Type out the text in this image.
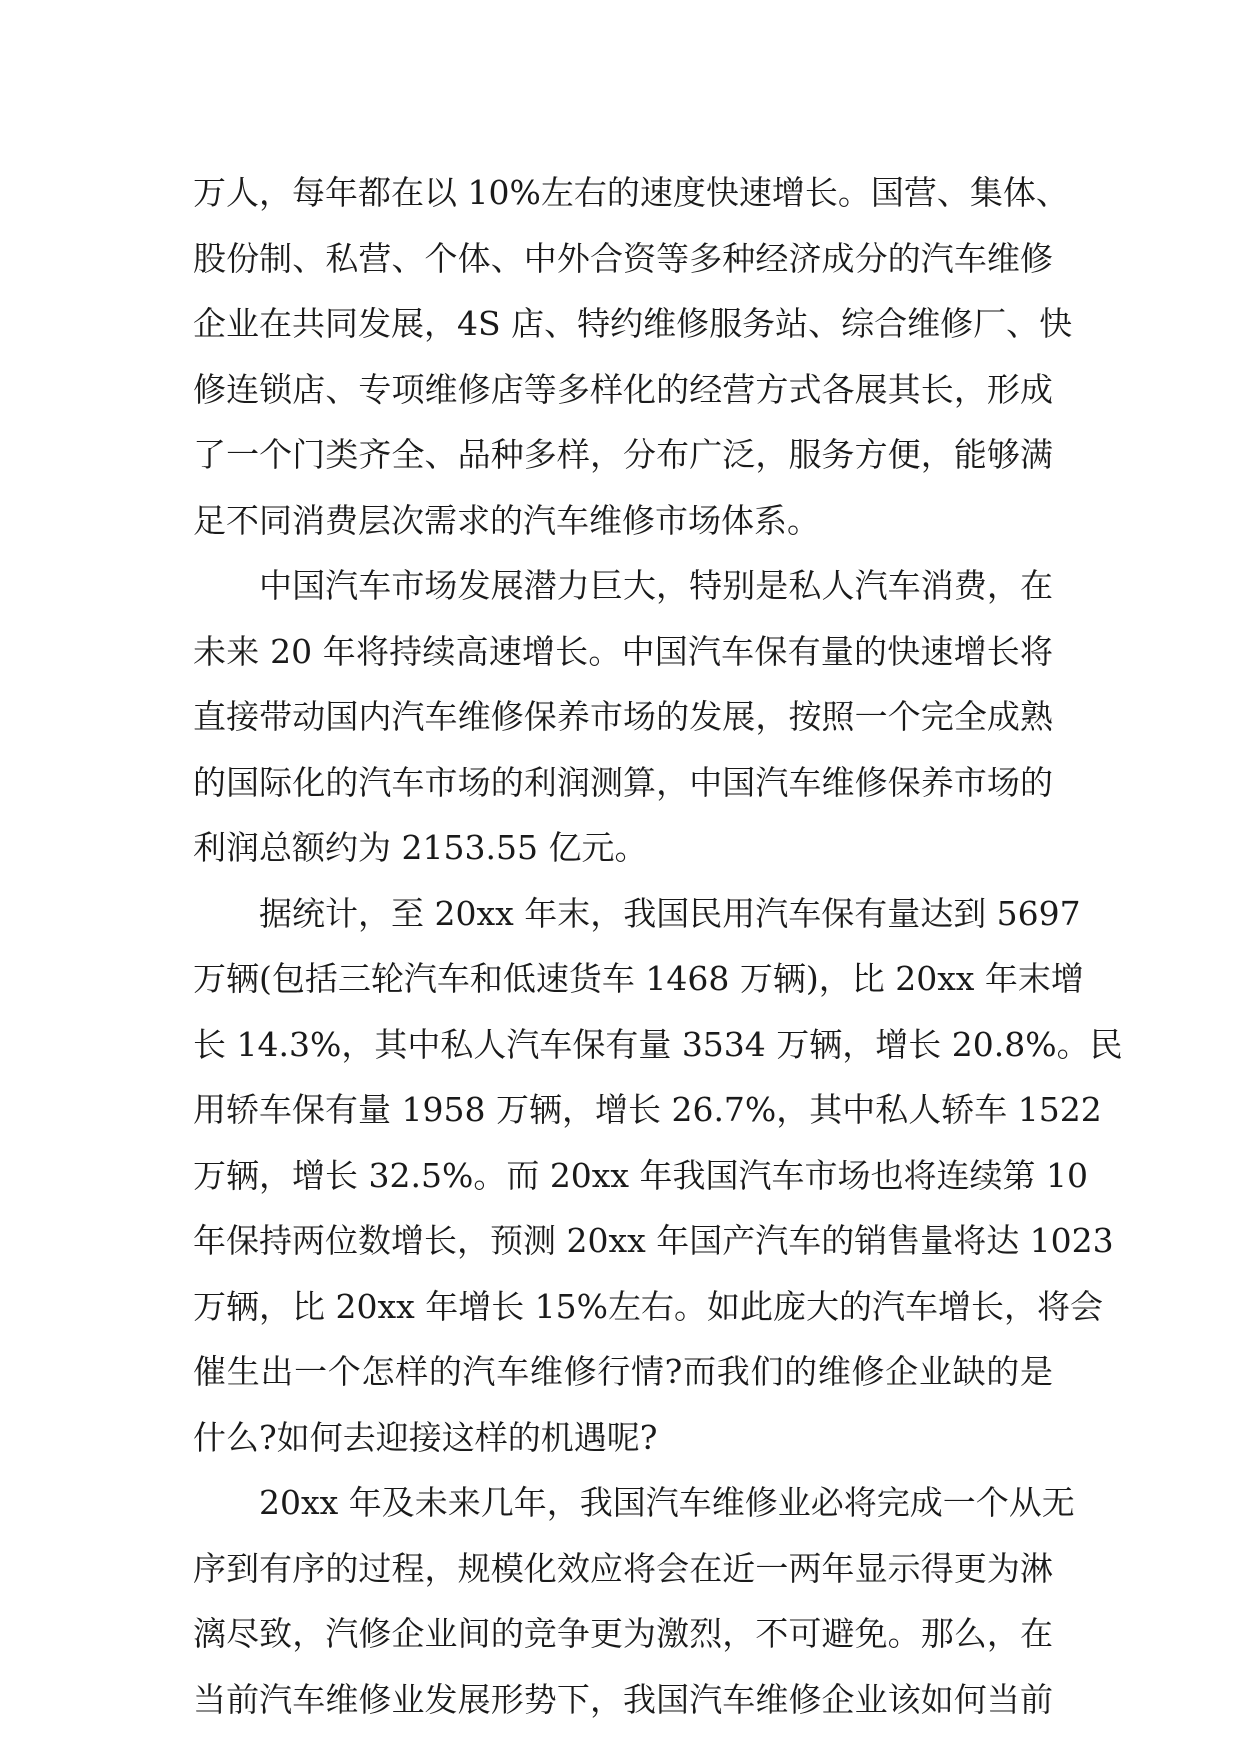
万人，每年都在以 10%左右的速度快速增长。国营、集体、
股份制、私营、个体、中外合资等多种经济成分的汽车维修
企业在共同发展，4S 店、特约维修服务站、综合维修厂、快
修连锁店、专项维修店等多样化的经营方式各展其长，形成
了一个门类齐全、品种多样，分布广泛，服务方便，能够满
足不同消费层次需求的汽车维修市场体系。
中国汽车市场发展潜力巨大，特别是私人汽车消费，在
未来 20 年将持续高速增长。中国汽车保有量的快速增长将
直接带动国内汽车维修保养市场的发展，按照一个完全成熟
的国际化的汽车市场的利润测算，中国汽车维修保养市场的
利润总额约为 2153.55 亿元。
据统计，至 20xx 年末，我国民用汽车保有量达到 5697
万辆(包括三轮汽车和低速货车 1468 万辆)，比 20xx 年末增
长 14.3%，其中私人汽车保有量 3534 万辆，增长 20.8%。民
用轿车保有量 1958 万辆，增长 26.7%，其中私人轿车 1522
万辆，增长 32.5%。而 20xx 年我国汽车市场也将连续第 10
年保持两位数增长，预测 20xx 年国产汽车的销售量将达 1023
万辆，比 20xx 年增长 15%左右。如此庞大的汽车增长，将会
催生出一个怎样的汽车维修行情?而我们的维修企业缺的是
什么?如何去迎接这样的机遇呢?
20xx 年及未来几年，我国汽车维修业必将完成一个从无
序到有序的过程，规模化效应将会在近一两年显示得更为淋
漓尽致，汽修企业间的竞争更为激烈，不可避免。那么，在
当前汽车维修业发展形势下，我国汽车维修企业该如何当前
